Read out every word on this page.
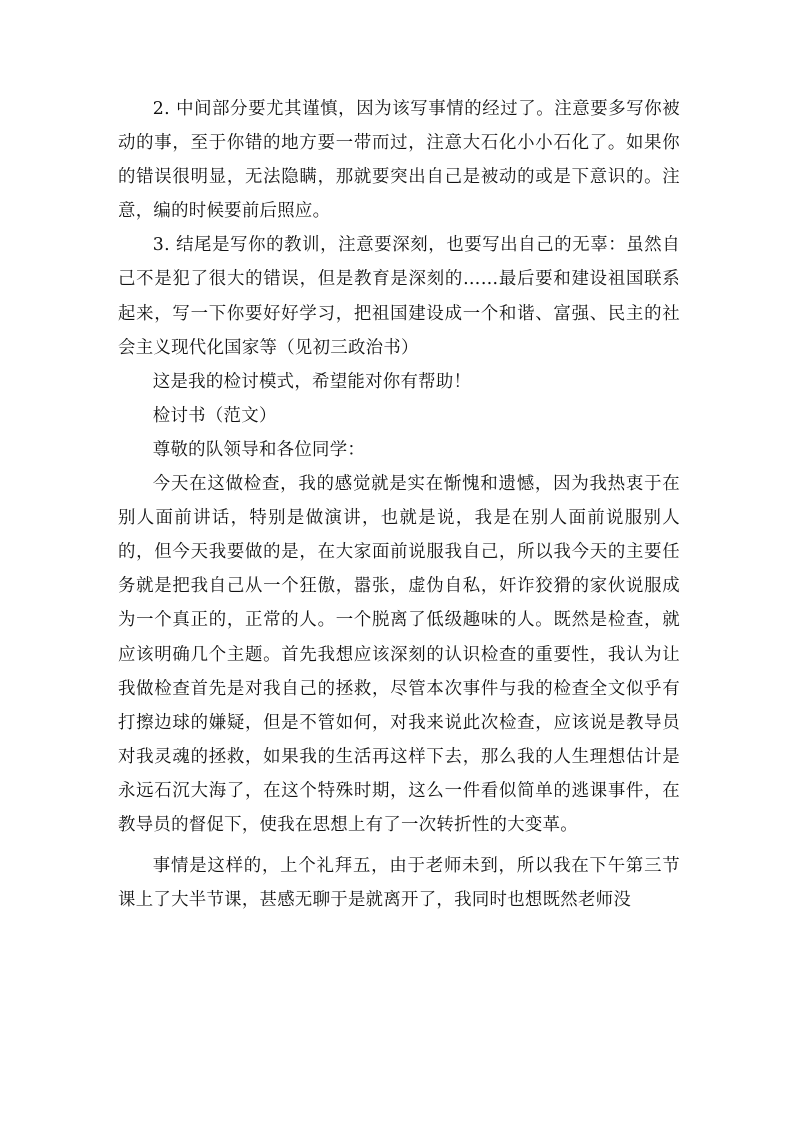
2. 中间部分要尤其谨慎，因为该写事情的经过了。注意要多写你被动的事，至于你错的地方要一带而过，注意大石化小小石化了。如果你的错误很明显，无法隐瞒，那就要突出自己是被动的或是下意识的。注意，编的时候要前后照应。

3. 结尾是写你的教训，注意要深刻，也要写出自己的无辜：虽然自己不是犯了很大的错误，但是教育是深刻的……最后要和建设祖国联系起来，写一下你要好好学习，把祖国建设成一个和谐、富强、民主的社会主义现代化国家等（见初三政治书）

这是我的检讨模式，希望能对你有帮助！

检讨书（范文）

尊敬的队领导和各位同学：

今天在这做检查，我的感觉就是实在惭愧和遗憾，因为我热衷于在别人面前讲话，特别是做演讲，也就是说，我是在别人面前说服别人的，但今天我要做的是，在大家面前说服我自己，所以我今天的主要任务就是把我自己从一个狂傲，嚣张，虚伪自私，奸诈狡猾的家伙说服成为一个真正的，正常的人。一个脱离了低级趣味的人。既然是检查，就应该明确几个主题。首先我想应该深刻的认识检查的重要性，我认为让我做检查首先是对我自己的拯救，尽管本次事件与我的检查全文似乎有打擦边球的嫌疑，但是不管如何，对我来说此次检查，应该说是教导员对我灵魂的拯救，如果我的生活再这样下去，那么我的人生理想估计是永远石沉大海了，在这个特殊时期，这么一件看似简单的逃课事件，在教导员的督促下，使我在思想上有了一次转折性的大变革。

事情是这样的，上个礼拜五，由于老师未到，所以我在下午第三节课上了大半节课，甚感无聊于是就离开了，我同时也想既然老师没
